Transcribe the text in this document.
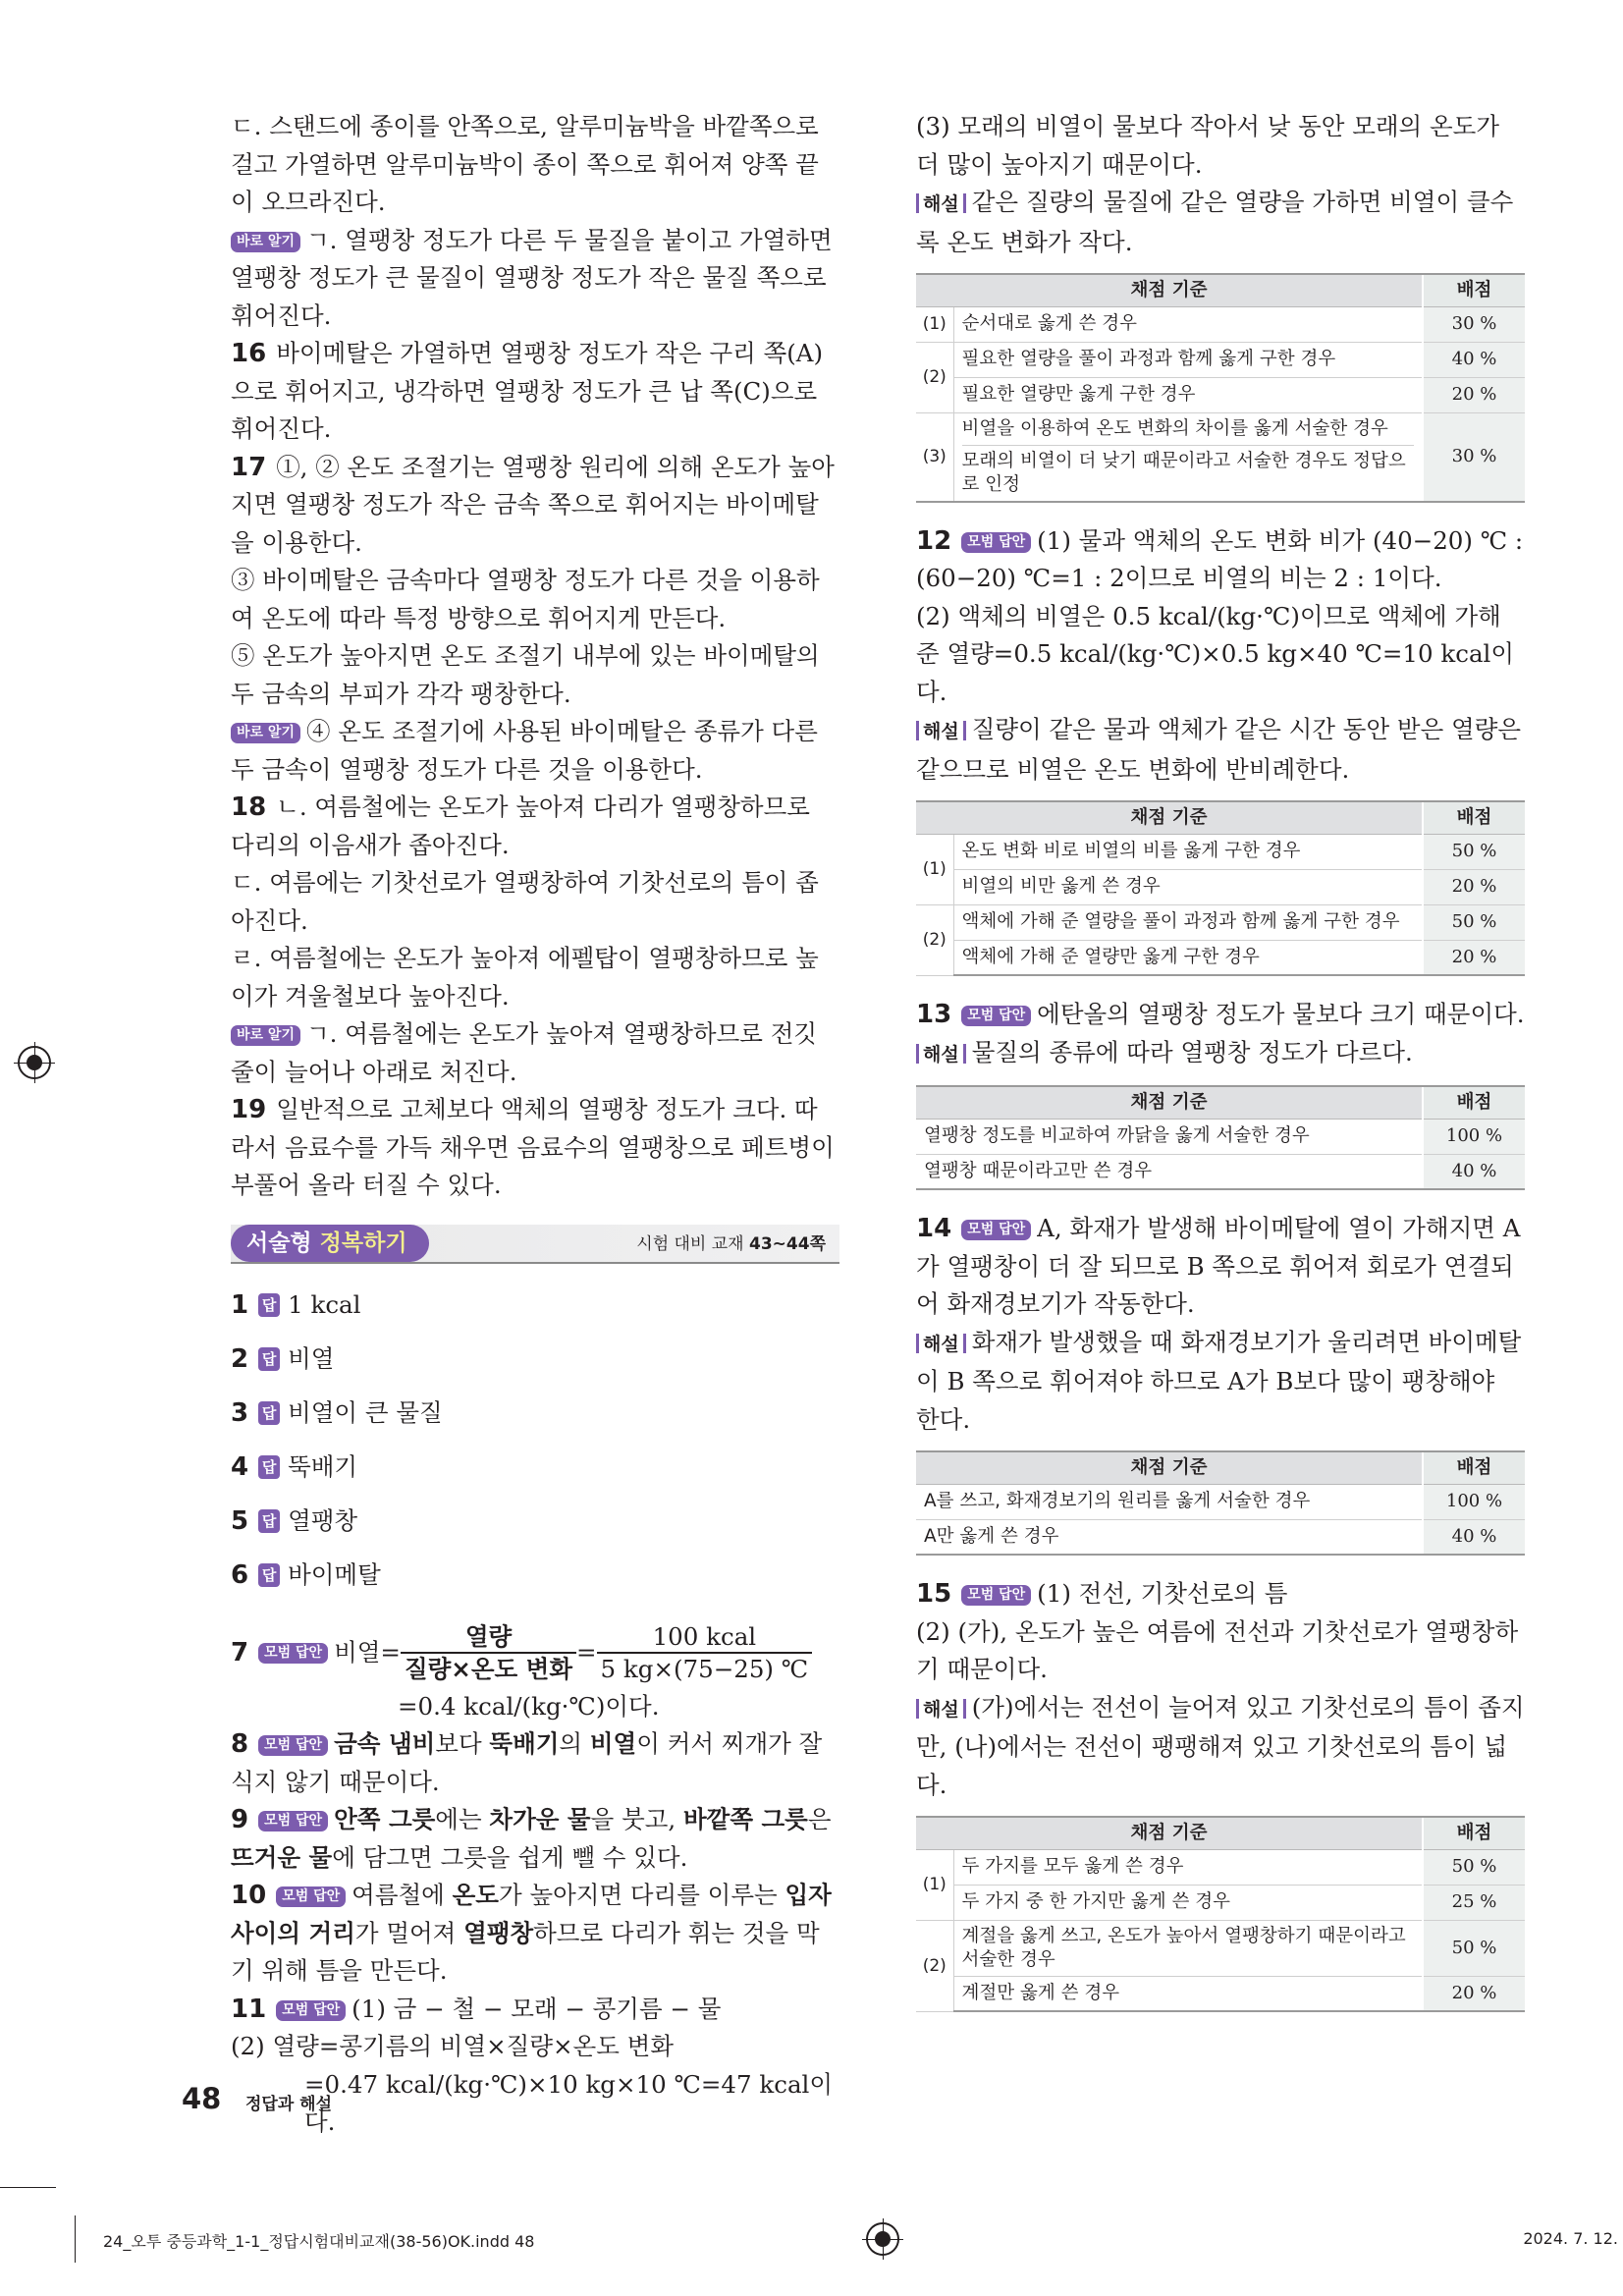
ㄷ. 스탠드에 종이를 안쪽으로, 알루미늄박을 바깥쪽으로 걸고 가열하면 알루미늄박이 종이 쪽으로 휘어져 양쪽 끝이 오므라진다.

바로 알기 ㄱ. 열팽창 정도가 다른 두 물질을 붙이고 가열하면 열팽창 정도가 큰 물질이 열팽창 정도가 작은 물질 쪽으로 휘어진다.

16 바이메탈은 가열하면 열팽창 정도가 작은 구리 쪽(A)으로 휘어지고, 냉각하면 열팽창 정도가 큰 납 쪽(C)으로 휘어진다.

17 ①, ② 온도 조절기는 열팽창 원리에 의해 온도가 높아지면 열팽창 정도가 작은 금속 쪽으로 휘어지는 바이메탈을 이용한다.

③ 바이메탈은 금속마다 열팽창 정도가 다른 것을 이용하여 온도에 따라 특정 방향으로 휘어지게 만든다.

⑤ 온도가 높아지면 온도 조절기 내부에 있는 바이메탈의 두 금속의 부피가 각각 팽창한다.

바로 알기 ④ 온도 조절기에 사용된 바이메탈은 종류가 다른 두 금속이 열팽창 정도가 다른 것을 이용한다.

18 ㄴ. 여름철에는 온도가 높아져 다리가 열팽창하므로 다리의 이음새가 좁아진다.

ㄷ. 여름에는 기찻선로가 열팽창하여 기찻선로의 틈이 좁아진다.

ㄹ. 여름철에는 온도가 높아져 에펠탑이 열팽창하므로 높이가 겨울철보다 높아진다.

바로 알기 ㄱ. 여름철에는 온도가 높아져 열팽창하므로 전깃줄이 늘어나 아래로 처진다.

19 일반적으로 고체보다 액체의 열팽창 정도가 크다. 따라서 음료수를 가득 채우면 음료수의 열팽창으로 페트병이 부풀어 올라 터질 수 있다.

서술형 정복하기	시험 대비 교재 43~44쪽
1 답 1 kcal
2 답 비열
3 답 비열이 큰 물질
4 답 뚝배기
5 답 열팽창
6 답 바이메탈
7	모범 답안 비열=
열량
질량×온도 변화
=
100 kcal
5 kg×(75−25) ℃

=0.4 kcal/(kg·℃)이다.

8 모범 답안 금속 냄비보다 뚝배기의 비열이 커서 찌개가 잘 식지 않기 때문이다.

9 모범 답안 안쪽 그릇에는 차가운 물을 붓고, 바깥쪽 그릇은 뜨거운 물에 담그면 그릇을 쉽게 뺄 수 있다.

10 모범 답안 여름철에 온도가 높아지면 다리를 이루는 입자 사이의 거리가 멀어져 열팽창하므로 다리가 휘는 것을 막기 위해 틈을 만든다.

11 모범 답안 (1) 금 − 철 − 모래 − 콩기름 − 물

(2) 열량=콩기름의 비열×질량×온도 변화

=0.47 kcal/(kg·℃)×10 kg×10 ℃=47 kcal이다.

(3) 모래의 비열이 물보다 작아서 낮 동안 모래의 온도가 더 많이 높아지기 때문이다.

해설 같은 질량의 물질에 같은 열량을 가하면 비열이 클수록 온도 변화가 작다.

채점 기준		배점
(1)	순서대로 옳게 쓴 경우	30 %
(2)	필요한 열량을 풀이 과정과 함께 옳게 구한 경우	40 %
	필요한 열량만 옳게 구한 경우	20 %
(3)	비열을 이용하여 온도 변화의 차이를 옳게 서술한 경우
모래의 비열이 더 낮기 때문이라고 서술한 경우도 정답으로 인정	30 %

12 모범 답안 (1) 물과 액체의 온도 변화 비가 (40−20) ℃ : (60−20) ℃=1 : 2이므로 비열의 비는 2 : 1이다.

(2) 액체의 비열은 0.5 kcal/(kg·℃)이므로 액체에 가해 준 열량=0.5 kcal/(kg·℃)×0.5 kg×40 ℃=10 kcal이다.

해설 질량이 같은 물과 액체가 같은 시간 동안 받은 열량은 같으므로 비열은 온도 변화에 반비례한다.

채점 기준		배점
(1)	온도 변화 비로 비열의 비를 옳게 구한 경우	50 %
	비열의 비만 옳게 쓴 경우	20 %
(2)	액체에 가해 준 열량을 풀이 과정과 함께 옳게 구한 경우	50 %
	액체에 가해 준 열량만 옳게 구한 경우	20 %

13 모범 답안 에탄올의 열팽창 정도가 물보다 크기 때문이다.

해설 물질의 종류에 따라 열팽창 정도가 다르다.

채점 기준	배점
열팽창 정도를 비교하여 까닭을 옳게 서술한 경우	100 %
열팽창 때문이라고만 쓴 경우	40 %

14 모범 답안 A, 화재가 발생해 바이메탈에 열이 가해지면 A가 열팽창이 더 잘 되므로 B 쪽으로 휘어져 회로가 연결되어 화재경보기가 작동한다.

해설 화재가 발생했을 때 화재경보기가 울리려면 바이메탈이 B 쪽으로 휘어져야 하므로 A가 B보다 많이 팽창해야 한다.

채점 기준	배점
A를 쓰고, 화재경보기의 원리를 옳게 서술한 경우	100 %
A만 옳게 쓴 경우	40 %

15 모범 답안 (1) 전선, 기찻선로의 틈

(2) (가), 온도가 높은 여름에 전선과 기찻선로가 열팽창하기 때문이다.

해설 (가)에서는 전선이 늘어져 있고 기찻선로의 틈이 좁지만, (나)에서는 전선이 팽팽해져 있고 기찻선로의 틈이 넓다.

채점 기준		배점
(1)	두 가지를 모두 옳게 쓴 경우	50 %
	두 가지 중 한 가지만 옳게 쓴 경우	25 %
(2)	계절을 옳게 쓰고, 온도가 높아서 열팽창하기 때문이라고 서술한 경우	50 %
	계절만 옳게 쓴 경우	20 %
48 정답과 해설
24_오투 중등과학_1-1_정답시험대비교재(38-56)OK.indd 48	2024. 7. 12.
